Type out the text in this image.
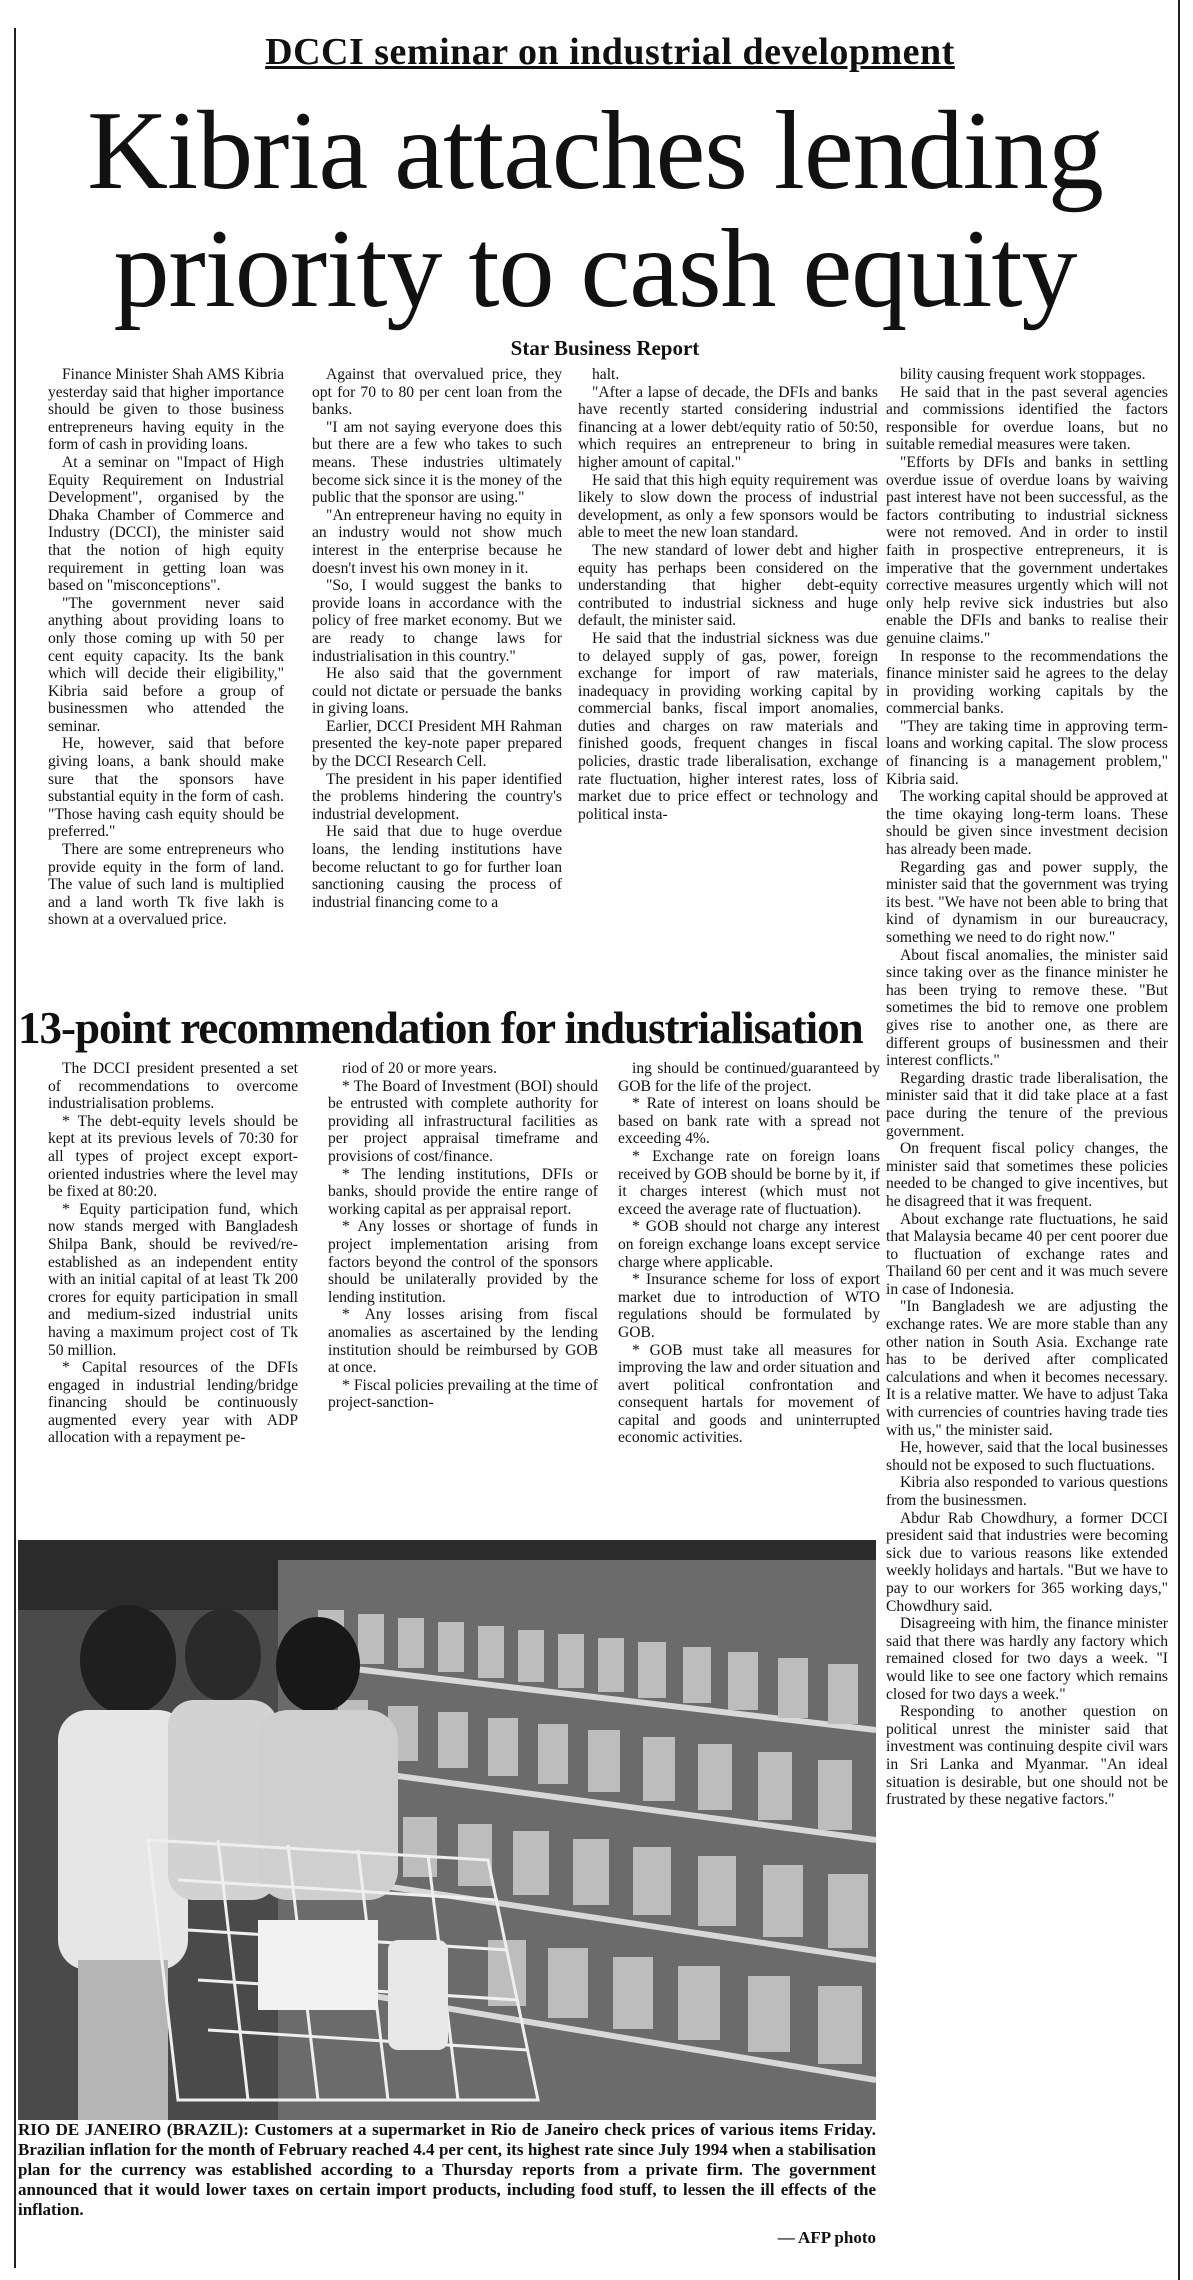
DCCI seminar on industrial development
Kibria attaches lending
priority to cash equity
Star Business Report

Finance Minister Shah AMS Kibria yesterday said that higher importance should be given to those business entrepreneurs having equity in the form of cash in providing loans.

At a seminar on "Impact of High Equity Requirement on Industrial Development", organised by the Dhaka Chamber of Commerce and Industry (DCCI), the minister said that the notion of high equity requirement in getting loan was based on "misconceptions".

"The government never said anything about providing loans to only those coming up with 50 per cent equity capacity. Its the bank which will decide their eligibility," Kibria said before a group of businessmen who attended the seminar.

He, however, said that before giving loans, a bank should make sure that the sponsors have substantial equity in the form of cash. "Those having cash equity should be preferred."

There are some entrepreneurs who provide equity in the form of land. The value of such land is multiplied and a land worth Tk five lakh is shown at a overvalued price.

Against that overvalued price, they opt for 70 to 80 per cent loan from the banks.

"I am not saying everyone does this but there are a few who takes to such means. These industries ultimately become sick since it is the money of the public that the sponsor are using."

"An entrepreneur having no equity in an industry would not show much interest in the enterprise because he doesn't invest his own money in it.

"So, I would suggest the banks to provide loans in accordance with the policy of free market economy. But we are ready to change laws for industrialisation in this country."

He also said that the government could not dictate or persuade the banks in giving loans.

Earlier, DCCI President MH Rahman presented the key-note paper prepared by the DCCI Research Cell.

The president in his paper identified the problems hindering the country's industrial development.

He said that due to huge overdue loans, the lending institutions have become reluctant to go for further loan sanctioning causing the process of industrial financing come to a

halt.

"After a lapse of decade, the DFIs and banks have recently started considering industrial financing at a lower debt/equity ratio of 50:50, which requires an entrepreneur to bring in higher amount of capital."

He said that this high equity requirement was likely to slow down the process of industrial development, as only a few sponsors would be able to meet the new loan standard.

The new standard of lower debt and higher equity has perhaps been considered on the understanding that higher debt-equity contributed to industrial sickness and huge default, the minister said.

He said that the industrial sickness was due to delayed supply of gas, power, foreign exchange for import of raw materials, inadequacy in providing working capital by commercial banks, fiscal import anomalies, duties and charges on raw materials and finished goods, frequent changes in fiscal policies, drastic trade liberalisation, exchange rate fluctuation, higher interest rates, loss of market due to price effect or technology and political insta-

bility causing frequent work stoppages.

He said that in the past several agencies and commissions identified the factors responsible for overdue loans, but no suitable remedial measures were taken.

"Efforts by DFIs and banks in settling overdue issue of overdue loans by waiving past interest have not been successful, as the factors contributing to industrial sickness were not removed. And in order to instil faith in prospective entrepreneurs, it is imperative that the government undertakes corrective measures urgently which will not only help revive sick industries but also enable the DFIs and banks to realise their genuine claims."

In response to the recommendations the finance minister said he agrees to the delay in providing working capitals by the commercial banks.

"They are taking time in approving term-loans and working capital. The slow process of financing is a management problem," Kibria said.

The working capital should be approved at the time okaying long-term loans. These should be given since investment decision has already been made.

Regarding gas and power supply, the minister said that the government was trying its best. "We have not been able to bring that kind of dynamism in our bureaucracy, something we need to do right now."

About fiscal anomalies, the minister said since taking over as the finance minister he has been trying to remove these. "But sometimes the bid to remove one problem gives rise to another one, as there are different groups of businessmen and their interest conflicts."

Regarding drastic trade liberalisation, the minister said that it did take place at a fast pace during the tenure of the previous government.

On frequent fiscal policy changes, the minister said that sometimes these policies needed to be changed to give incentives, but he disagreed that it was frequent.

About exchange rate fluctuations, he said that Malaysia became 40 per cent poorer due to fluctuation of exchange rates and Thailand 60 per cent and it was much severe in case of Indonesia.

"In Bangladesh we are adjusting the exchange rates. We are more stable than any other nation in South Asia. Exchange rate has to be derived after complicated calculations and when it becomes necessary. It is a relative matter. We have to adjust Taka with currencies of countries having trade ties with us," the minister said.

He, however, said that the local businesses should not be exposed to such fluctuations.

Kibria also responded to various questions from the businessmen.

Abdur Rab Chowdhury, a former DCCI president said that industries were becoming sick due to various reasons like extended weekly holidays and hartals. "But we have to pay to our workers for 365 working days," Chowdhury said.

Disagreeing with him, the finance minister said that there was hardly any factory which remained closed for two days a week. "I would like to see one factory which remains closed for two days a week."

Responding to another question on political unrest the minister said that investment was continuing despite civil wars in Sri Lanka and Myanmar. "An ideal situation is desirable, but one should not be frustrated by these negative factors."

13-point recommendation for industrialisation

The DCCI president presented a set of recommendations to overcome industrialisation problems.

* The debt-equity levels should be kept at its previous levels of 70:30 for all types of project except export-oriented industries where the level may be fixed at 80:20.

* Equity participation fund, which now stands merged with Bangladesh Shilpa Bank, should be revived/re-established as an independent entity with an initial capital of at least Tk 200 crores for equity participation in small and medium-sized industrial units having a maximum project cost of Tk 50 million.

* Capital resources of the DFIs engaged in industrial lending/bridge financing should be continuously augmented every year with ADP allocation with a repayment pe-

riod of 20 or more years.

* The Board of Investment (BOI) should be entrusted with complete authority for providing all infrastructural facilities as per project appraisal timeframe and provisions of cost/finance.

* The lending institutions, DFIs or banks, should provide the entire range of working capital as per appraisal report.

* Any losses or shortage of funds in project implementation arising from factors beyond the control of the sponsors should be unilaterally provided by the lending institution.

* Any losses arising from fiscal anomalies as ascertained by the lending institution should be reimbursed by GOB at once.

* Fiscal policies prevailing at the time of project-sanction-

ing should be continued/guaranteed by GOB for the life of the project.

* Rate of interest on loans should be based on bank rate with a spread not exceeding 4%.

* Exchange rate on foreign loans received by GOB should be borne by it, if it charges interest (which must not exceed the average rate of fluctuation).

* GOB should not charge any interest on foreign exchange loans except service charge where applicable.

* Insurance scheme for loss of export market due to introduction of WTO regulations should be formulated by GOB.

* GOB must take all measures for improving the law and order situation and avert political confrontation and consequent hartals for movement of capital and goods and uninterrupted economic activities.

RIO DE JANEIRO (BRAZIL): Customers at a supermarket in Rio de Janeiro check prices of various items Friday. Brazilian inflation for the month of February reached 4.4 per cent, its highest rate since July 1994 when a stabilisation plan for the currency was established according to a Thursday reports from a private firm. The government announced that it would lower taxes on certain import products, including food stuff, to lessen the ill effects of the inflation.
— AFP photo
